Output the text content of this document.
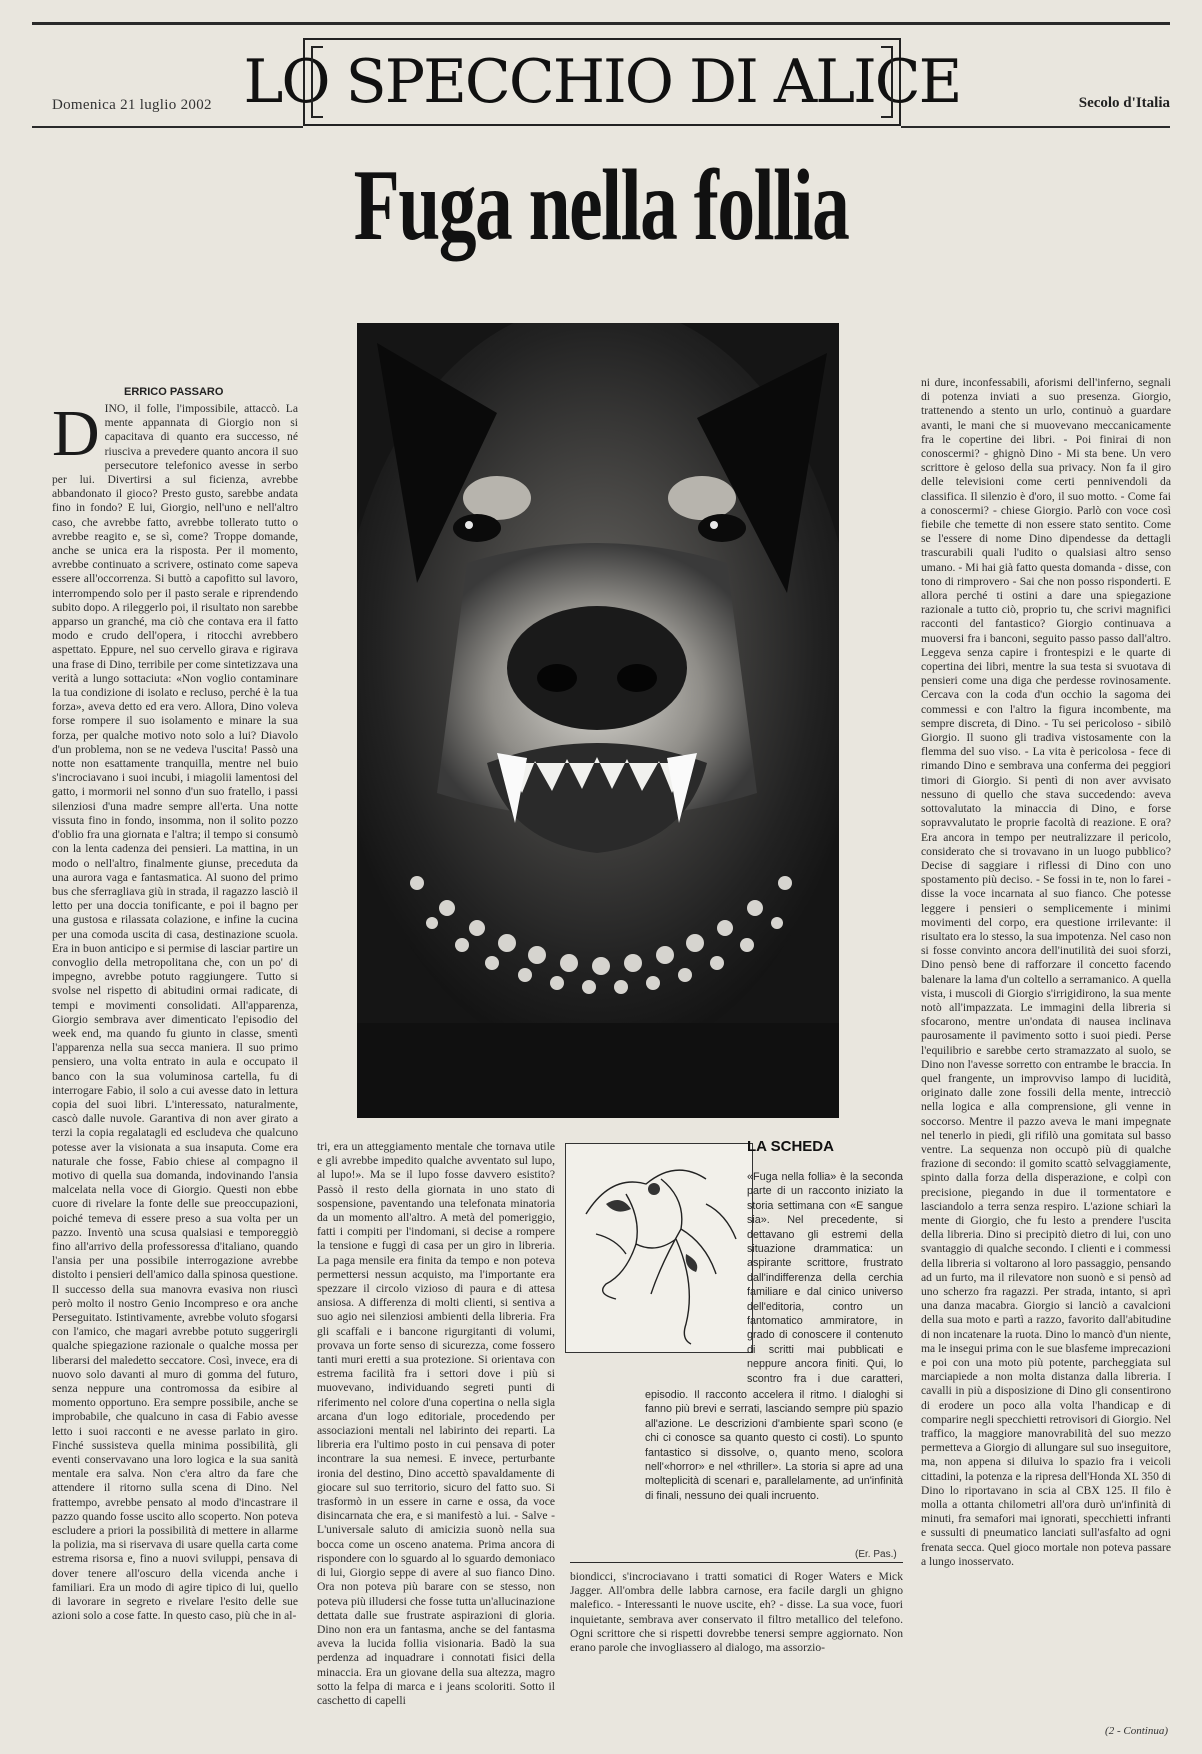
Domenica 21 luglio 2002 LO SPECCHIO DI ALICE	Secolo d'Italia
Fuga nella follia
ERRICO PASSARO
D INO, il folle, l'impossibile, attaccò. La mente appannata di Giorgio non si capacitava di quanto era successo, né riusciva a prevedere quanto ancora il suo persecutore telefonico avesse in serbo per lui. Divertirsi a sul ficienza, avrebbe abbandonato il gioco? Presto gusto, sarebbe andata fino in fondo? E lui, Giorgio, nell'uno e nell'altro caso, che avrebbe fatto, avrebbe tollerato tutto o avrebbe reagito e, se sì, come? Troppe domande, anche se unica era la risposta. Per il momento, avrebbe continuato a scrivere, ostinato come sapeva essere all'occorrenza. Si buttò a capofitto sul lavoro, interrompendo solo per il pasto serale e riprendendo subito dopo. A rileggerlo poi, il risultato non sarebbe apparso un granché, ma ciò che contava era il fatto modo e crudo dell'opera, i ritocchi avrebbero aspettato. Eppure, nel suo cervello girava e rigirava una frase di Dino, terribile per come sintetizzava una verità a lungo sottaciuta: «Non voglio contaminare la tua condizione di isolato e recluso, perché è la tua forza», aveva detto ed era vero. Allora, Dino voleva forse rompere il suo isolamento e minare la sua forza, per qualche motivo noto solo a lui? Diavolo d'un problema, non se ne vedeva l'uscita! Passò una notte non esattamente tranquilla, mentre nel buio s'incrociavano i suoi incubi, i miagolii lamentosi del gatto, i mormorii nel sonno d'un suo fratello, i passi silenziosi d'una madre sempre all'erta. Una notte vissuta fino in fondo, insomma, non il solito pozzo d'oblio fra una giornata e l'altra; il tempo si consumò con la lenta cadenza dei pensieri. La mattina, in un modo o nell'altro, finalmente giunse, preceduta da una aurora vaga e fantasmatica. Al suono del primo bus che sferragliava giù in strada, il ragazzo lasciò il letto per una doccia tonificante, e poi il bagno per una gustosa e rilassata colazione, e infine la cucina per una comoda uscita di casa, destinazione scuola. Era in buon anticipo e si permise di lasciar partire un convoglio della metropolitana che, con un po' di impegno, avrebbe potuto raggiungere. Tutto si svolse nel rispetto di abitudini ormai radicate, di tempi e movimenti consolidati. All'apparenza, Giorgio sembrava aver dimenticato l'episodio del week end, ma quando fu giunto in classe, smentì l'apparenza nella sua secca maniera. Il suo primo pensiero, una volta entrato in aula e occupato il banco con la sua voluminosa cartella, fu di interrogare Fabio, il solo a cui avesse dato in lettura copia del suoi libri. L'interessato, naturalmente, cascò dalle nuvole. Garantiva di non aver girato a terzi la copia regalatagli ed escludeva che qualcuno potesse aver la visionata a sua insaputa. Come era naturale che fosse, Fabio chiese al compagno il motivo di quella sua domanda, indovinando l'ansia malcelata nella voce di Giorgio. Questi non ebbe cuore di rivelare la fonte delle sue preoccupazioni, poiché temeva di essere preso a sua volta per un pazzo. Inventò una scusa qualsiasi e temporeggiò fino all'arrivo della professoressa d'italiano, quando l'ansia per una possibile interrogazione avrebbe distolto i pensieri dell'amico dalla spinosa questione. Il successo della sua manovra evasiva non riuscì però molto il nostro Genio Incompreso e ora anche Perseguitato. Istintivamente, avrebbe voluto sfogarsi con l'amico, che magari avrebbe potuto suggerirgli qualche spiegazione razionale o qualche mossa per liberarsi del maledetto seccatore. Così, invece, era di nuovo solo davanti al muro di gomma del futuro, senza neppure una contromossa da esibire al momento opportuno. Era sempre possibile, anche se improbabile, che qualcuno in casa di Fabio avesse letto i suoi racconti e ne avesse parlato in giro. Finché sussisteva quella minima possibilità, gli eventi conservavano una loro logica e la sua sanità mentale era salva. Non c'era altro da fare che attendere il ritorno sulla scena di Dino. Nel frattempo, avrebbe pensato al modo d'incastrare il pazzo quando fosse uscito allo scoperto. Non poteva escludere a priori la possibilità di mettere in allarme la polizia, ma si riservava di usare quella carta come estrema risorsa e, fino a nuovi sviluppi, pensava di dover tenere all'oscuro della vicenda anche i familiari. Era un modo di agire tipico di lui, quello di lavorare in segreto e rivelare l'esito delle sue azioni solo a cose fatte. In questo caso, più che in al-
tri, era un atteggiamento mentale che tornava utile e gli avrebbe impedito qualche avventato sul lupo, al lupo!». Ma se il lupo fosse davvero esistito? Passò il resto della giornata in uno stato di sospensione, paventando una telefonata minatoria da un momento all'altro. A metà del pomeriggio, fatti i compiti per l'indomani, si decise a rompere la tensione e fuggì di casa per un giro in libreria. La paga mensile era finita da tempo e non poteva permettersi nessun acquisto, ma l'importante era spezzare il circolo vizioso di paura e di attesa ansiosa. A differenza di molti clienti, si sentiva a suo agio nei silenziosi ambienti della libreria. Fra gli scaffali e i bancone rigurgitanti di volumi, provava un forte senso di sicurezza, come fossero tanti muri eretti a sua protezione. Si orientava con estrema facilità fra i settori dove i più si muovevano, individuando segreti punti di riferimento nel colore d'una copertina o nella sigla arcana d'un logo editoriale, procedendo per associazioni mentali nel labirinto dei reparti. La libreria era l'ultimo posto in cui pensava di poter incontrare la sua nemesi. E invece, perturbante ironia del destino, Dino accettò spavaldamente di giocare sul suo territorio, sicuro del fatto suo. Si trasformò in un essere in carne e ossa, da voce disincarnata che era, e si manifestò a lui. - Salve - L'universale saluto di amicizia suonò nella sua bocca come un osceno anatema. Prima ancora di rispondere con lo sguardo al lo sguardo demoniaco di lui, Giorgio seppe di avere al suo fianco Dino. Ora non poteva più barare con se stesso, non poteva più illudersi che fosse tutta un'allucinazione dettata dalle sue frustrate aspirazioni di gloria. Dino non era un fantasma, anche se del fantasma aveva la lucida follia visionaria. Badò la sua perdenza ad inquadrare i connotati fisici della minaccia. Era un giovane della sua altezza, magro sotto la felpa di marca e i jeans scoloriti. Sotto il caschetto di capelli
LA SCHEDA
«Fuga nella follia» è la seconda parte di un racconto iniziato la storia settimana con «E sangue sia». Nel precedente, si dettavano gli estremi della situazione drammatica: un aspirante scrittore, frustrato dall'indifferenza della cerchia familiare e dal cinico universo dell'editoria, contro un fantomatico ammiratore, in grado di conoscere il contenuto di scritti mai pubblicati e neppure ancora finiti. Qui, lo scontro fra i due caratteri,
episodio. Il racconto accelera il ritmo. I dialoghi si fanno più brevi e serrati, lasciando sempre più spazio all'azione. Le descrizioni d'ambiente sparì scono (e chi ci conosce sa quanto questo ci costi). Lo spunto fantastico si dissolve, o, quanto meno, scolora nell'«horror» e nel «thriller». La storia si apre ad una molteplicità di scenari e, parallelamente, ad un'infinità di finali, nessuno dei quali incruento.
(Er. Pas.)
biondicci, s'incrociavano i tratti somatici di Roger Waters e Mick Jagger. All'ombra delle labbra carnose, era facile dargli un ghigno malefico. - Interessanti le nuove uscite, eh? - disse. La sua voce, fuori inquietante, sembrava aver conservato il filtro metallico del telefono. Ogni scrittore che si rispetti dovrebbe tenersi sempre aggiornato. Non erano parole che invogliassero al dialogo, ma assorzio-
ni dure, inconfessabili, aforismi dell'inferno, segnali di potenza inviati a suo presenza. Giorgio, trattenendo a stento un urlo, continuò a guardare avanti, le mani che si muovevano meccanicamente fra le copertine dei libri. - Poi finirai di non conoscermi? - ghignò Dino - Mi sta bene. Un vero scrittore è geloso della sua privacy. Non fa il giro delle televisioni come certi pennivendoli da classifica. Il silenzio è d'oro, il suo motto. - Come fai a conoscermi? - chiese Giorgio. Parlò con voce così fiebile che temette di non essere stato sentito. Come se l'essere di nome Dino dipendesse da dettagli trascurabili quali l'udito o qualsiasi altro senso umano. - Mi hai già fatto questa domanda - disse, con tono di rimprovero - Sai che non posso risponderti. E allora perché ti ostini a dare una spiegazione razionale a tutto ciò, proprio tu, che scrivi magnifici racconti del fantastico? Giorgio continuava a muoversi fra i banconi, seguito passo passo dall'altro. Leggeva senza capire i frontespizi e le quarte di copertina dei libri, mentre la sua testa si svuotava di pensieri come una diga che perdesse rovinosamente. Cercava con la coda d'un occhio la sagoma dei commessi e con l'altro la figura incombente, ma sempre discreta, di Dino. - Tu sei pericoloso - sibilò Giorgio. Il suono gli tradiva vistosamente con la flemma del suo viso. - La vita è pericolosa - fece di rimando Dino e sembrava una conferma dei peggiori timori di Giorgio. Si pentì di non aver avvisato nessuno di quello che stava succedendo: aveva sottovalutato la minaccia di Dino, e forse sopravvalutato le proprie facoltà di reazione. E ora? Era ancora in tempo per neutralizzare il pericolo, considerato che si trovavano in un luogo pubblico? Decise di saggiare i riflessi di Dino con uno spostamento più deciso. - Se fossi in te, non lo farei - disse la voce incarnata al suo fianco. Che potesse leggere i pensieri o semplicemente i minimi movimenti del corpo, era questione irrilevante: il risultato era lo stesso, la sua impotenza. Nel caso non si fosse convinto ancora dell'inutilità dei suoi sforzi, Dino pensò bene di rafforzare il concetto facendo balenare la lama d'un coltello a serramanico. A quella vista, i muscoli di Giorgio s'irrigidirono, la sua mente notò all'impazzata. Le immagini della libreria si sfocarono, mentre un'ondata di nausea inclinava paurosamente il pavimento sotto i suoi piedi. Perse l'equilibrio e sarebbe certo stramazzato al suolo, se Dino non l'avesse sorretto con entrambe le braccia. In quel frangente, un improvviso lampo di lucidità, originato dalle zone fossili della mente, intrecciò nella logica e alla comprensione, gli venne in soccorso. Mentre il pazzo aveva le mani impegnate nel tenerlo in piedi, gli rifilò una gomitata sul basso ventre. La sequenza non occupò più di qualche frazione di secondo: il gomito scattò selvaggiamente, spinto dalla forza della disperazione, e colpì con precisione, piegando in due il tormentatore e lasciandolo a terra senza respiro. L'azione schiarì la mente di Giorgio, che fu lesto a prendere l'uscita della libreria. Dino si precipitò dietro di lui, con uno svantaggio di qualche secondo. I clienti e i commessi della libreria si voltarono al loro passaggio, pensando ad un furto, ma il rilevatore non suonò e si pensò ad uno scherzo fra ragazzi. Per strada, intanto, si aprì una danza macabra. Giorgio si lanciò a cavalcioni della sua moto e partì a razzo, favorito dall'abitudine di non incatenare la ruota. Dino lo mancò d'un niente, ma le insegui prima con le sue blasfeme imprecazioni e poi con una moto più potente, parcheggiata sul marciapiede a non molta distanza dalla libreria. I cavalli in più a disposizione di Dino gli consentirono di erodere un poco alla volta l'handicap e di comparire negli specchietti retrovisori di Giorgio. Nel traffico, la maggiore manovrabilità del suo mezzo permetteva a Giorgio di allungare sul suo inseguitore, ma, non appena si diluiva lo spazio fra i veicoli cittadini, la potenza e la ripresa dell'Honda XL 350 di Dino lo riportavano in scia al CBX 125. Il filo è molla a ottanta chilometri all'ora durò un'infinità di minuti, fra semafori mai ignorati, specchietti infranti e sussulti di pneumatico lanciati sull'asfalto ad ogni frenata secca. Quel gioco mortale non poteva passare a lungo inosservato.
(2 - Continua)
